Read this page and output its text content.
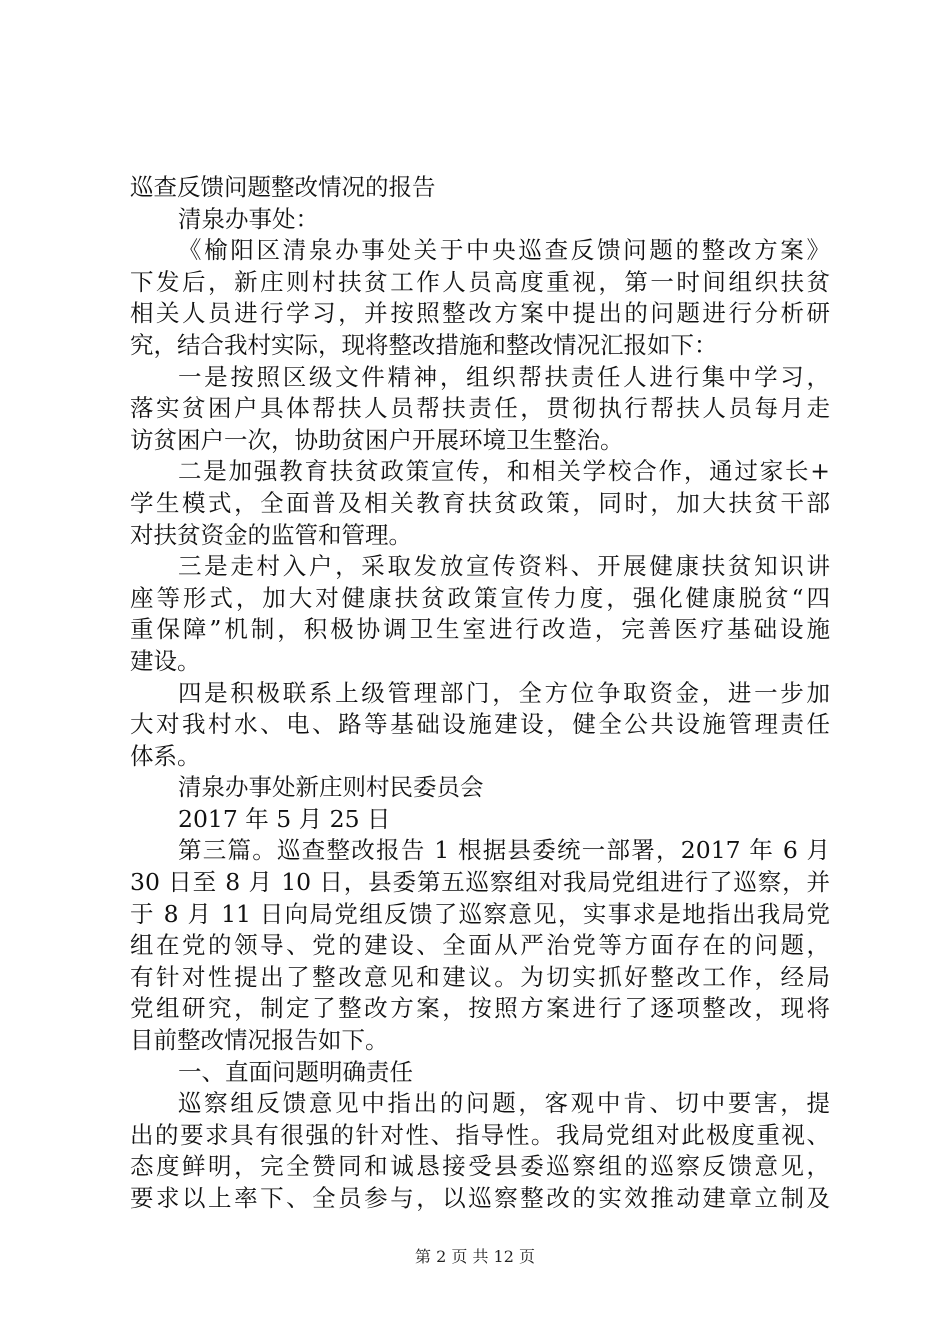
巡查反馈问题整改情况的报告
清泉办事处：
《榆阳区清泉办事处关于中央巡查反馈问题的整改方案》
下发后，新庄则村扶贫工作人员高度重视，第一时间组织扶贫
相关人员进行学习，并按照整改方案中提出的问题进行分析研
究，结合我村实际，现将整改措施和整改情况汇报如下：
一是按照区级文件精神，组织帮扶责任人进行集中学习，
落实贫困户具体帮扶人员帮扶责任，贯彻执行帮扶人员每月走
访贫困户一次，协助贫困户开展环境卫生整治。
二是加强教育扶贫政策宣传，和相关学校合作，通过家长+
学生模式，全面普及相关教育扶贫政策，同时，加大扶贫干部
对扶贫资金的监管和管理。
三是走村入户，采取发放宣传资料、开展健康扶贫知识讲
座等形式，加大对健康扶贫政策宣传力度，强化健康脱贫“四
重保障”机制，积极协调卫生室进行改造，完善医疗基础设施
建设。
四是积极联系上级管理部门，全方位争取资金，进一步加
大对我村水、电、路等基础设施建设，健全公共设施管理责任
体系。
清泉办事处新庄则村民委员会
2017 年 5 月 25 日
第三篇。巡查整改报告 1 根据县委统一部署，2017 年 6 月
30 日至 8 月 10 日，县委第五巡察组对我局党组进行了巡察，并
于 8 月 11 日向局党组反馈了巡察意见，实事求是地指出我局党
组在党的领导、党的建设、全面从严治党等方面存在的问题，
有针对性提出了整改意见和建议。为切实抓好整改工作，经局
党组研究，制定了整改方案，按照方案进行了逐项整改，现将
目前整改情况报告如下。
一、直面问题明确责任
巡察组反馈意见中指出的问题，客观中肯、切中要害，提
出的要求具有很强的针对性、指导性。我局党组对此极度重视、
态度鲜明，完全赞同和诚恳接受县委巡察组的巡察反馈意见，
要求以上率下、全员参与，以巡察整改的实效推动建章立制及
第 2 页 共 12 页
